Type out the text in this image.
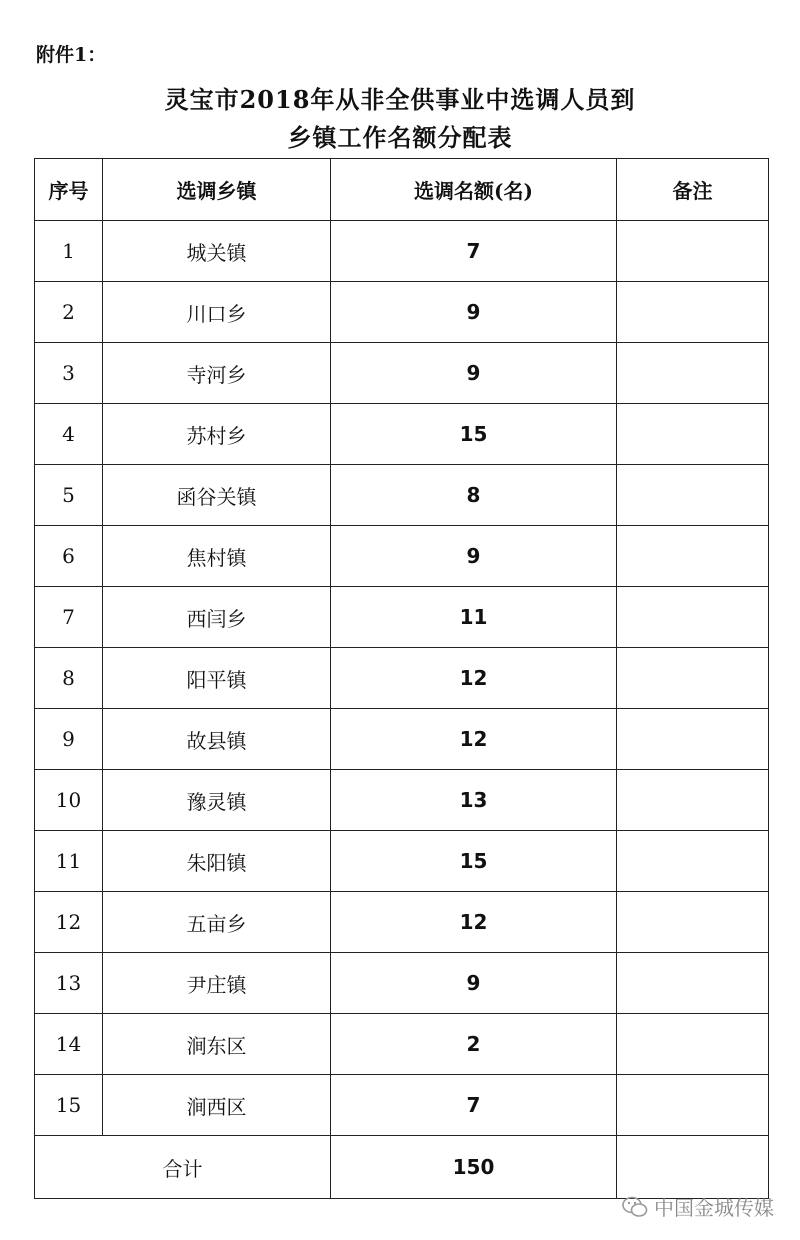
附件1：
灵宝市2018年从非全供事业中选调人员到
乡镇工作名额分配表
序号	选调乡镇	选调名额(名)	备注
1	城关镇	7	
2	川口乡	9	
3	寺河乡	9	
4	苏村乡	15	
5	函谷关镇	8	
6	焦村镇	9	
7	西闫乡	11	
8	阳平镇	12	
9	故县镇	12	
10	豫灵镇	13	
11	朱阳镇	15	
12	五亩乡	12	
13	尹庄镇	9	
14	涧东区	2	
15	涧西区	7	
合计		150	
中国金城传媒
